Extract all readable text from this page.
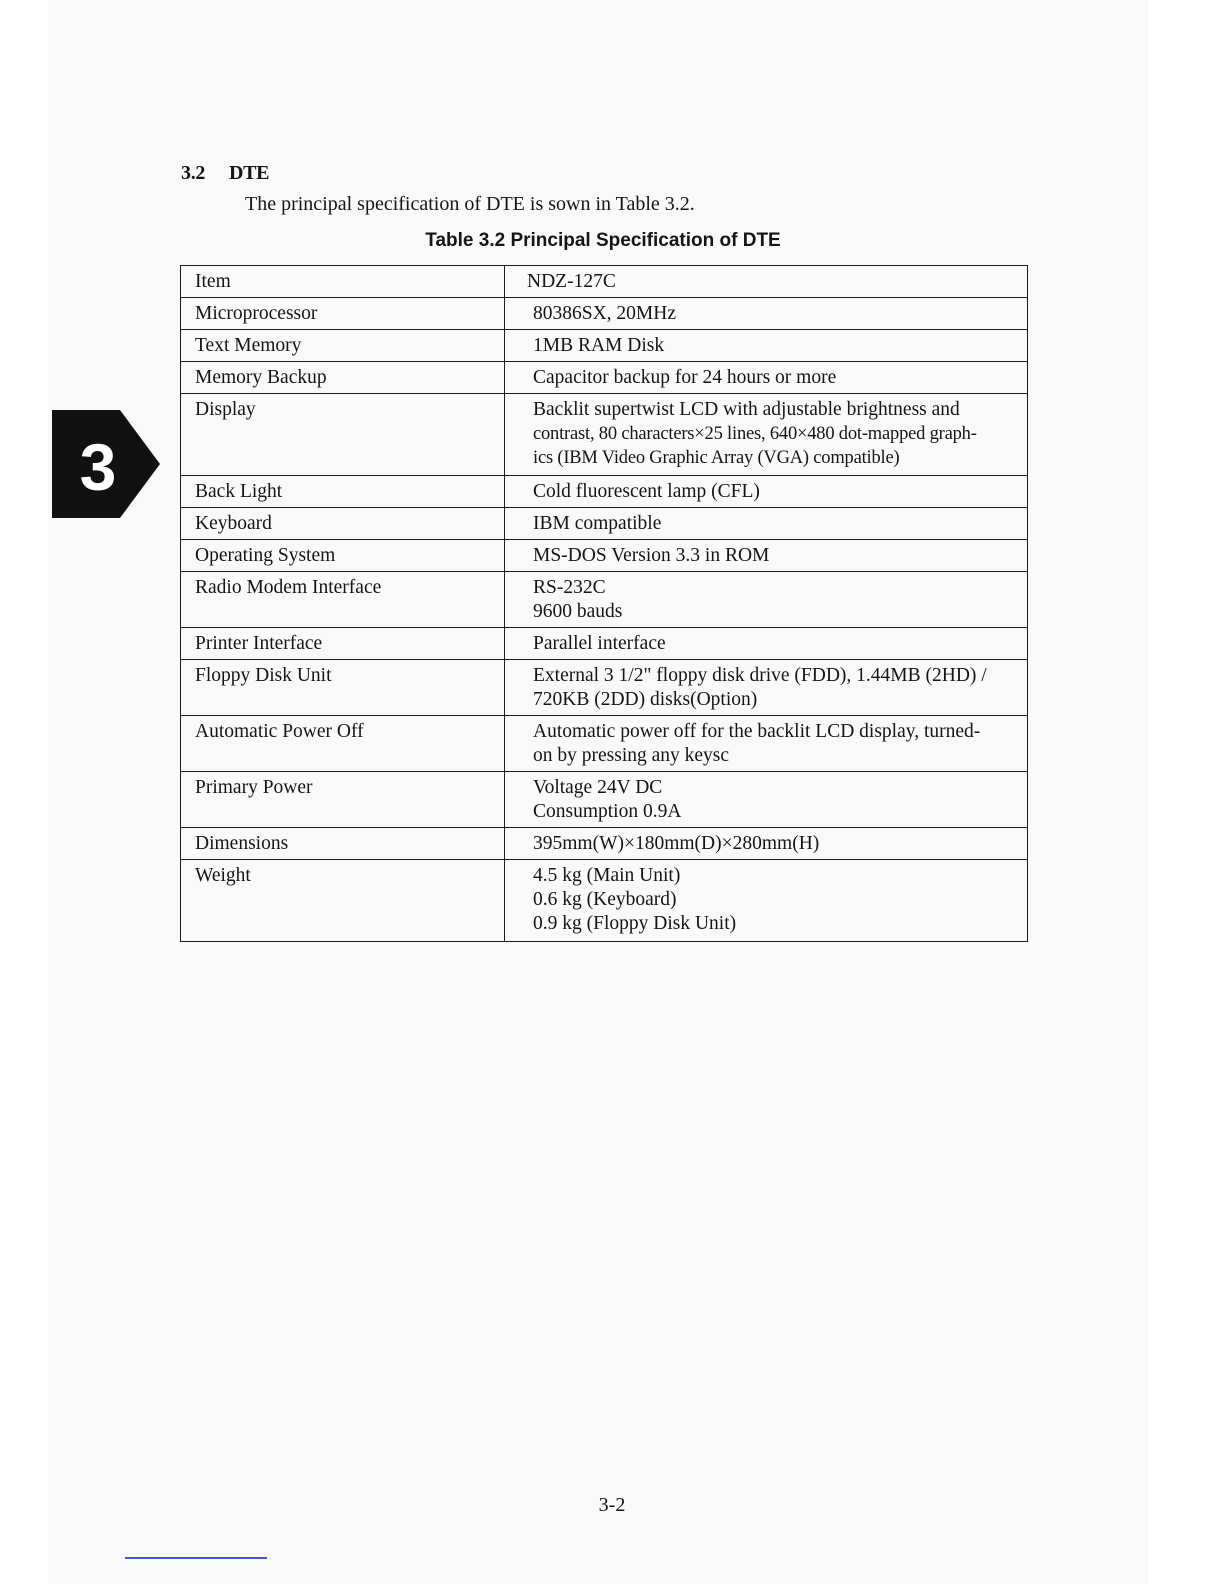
3.2 DTE
The principal specification of DTE is sown in Table 3.2.
Table 3.2 Principal Specification of DTE
3
Item	NDZ-127C

Microprocessor	80386SX, 20MHz

Text Memory	1MB RAM Disk

Memory Backup	Capacitor backup for 24 hours or more

Display	Backlit supertwist LCD with adjustable brightness and
contrast, 80 characters×25 lines, 640×480 dot-mapped graph-
ics (IBM Video Graphic Array (VGA) compatible)

Back Light	Cold fluorescent lamp (CFL)

Keyboard	IBM compatible

Operating System	MS-DOS Version 3.3 in ROM

Radio Modem Interface	RS-232C
9600 bauds

Printer Interface	Parallel interface

Floppy Disk Unit	External 3 1/2" floppy disk drive (FDD), 1.44MB (2HD) /
720KB (2DD) disks(Option)

Automatic Power Off	Automatic power off for the backlit LCD display, turned-
on by pressing any keysc

Primary Power	Voltage 24V DC
Consumption 0.9A

Dimensions	395mm(W)×180mm(D)×280mm(H)

Weight	4.5 kg (Main Unit)
0.6 kg (Keyboard)
0.9 kg (Floppy Disk Unit)
3-2
